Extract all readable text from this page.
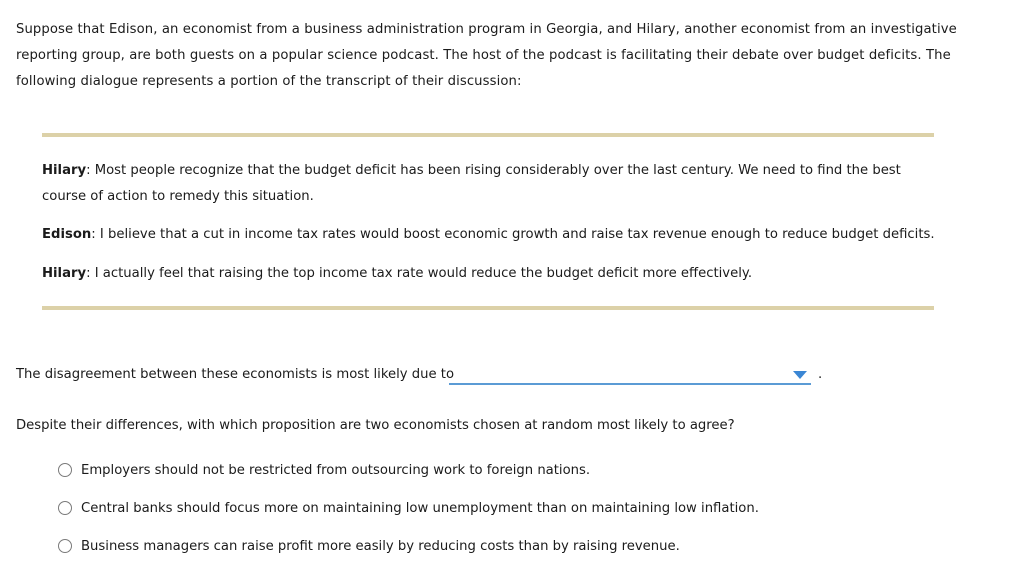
Suppose that Edison, an economist from a business administration program in Georgia, and Hilary, another economist from an investigative reporting group, are both guests on a popular science podcast. The host of the podcast is facilitating their debate over budget deficits. The following dialogue represents a portion of the transcript of their discussion:
Hilary: Most people recognize that the budget deficit has been rising considerably over the last century. We need to find the best course of action to remedy this situation.
Edison: I believe that a cut in income tax rates would boost economic growth and raise tax revenue enough to reduce budget deficits.
Hilary: I actually feel that raising the top income tax rate would reduce the budget deficit more effectively.
The disagreement between these economists is most likely due to	.
Despite their differences, with which proposition are two economists chosen at random most likely to agree?
Employers should not be restricted from outsourcing work to foreign nations.
Central banks should focus more on maintaining low unemployment than on maintaining low inflation.
Business managers can raise profit more easily by reducing costs than by raising revenue.
